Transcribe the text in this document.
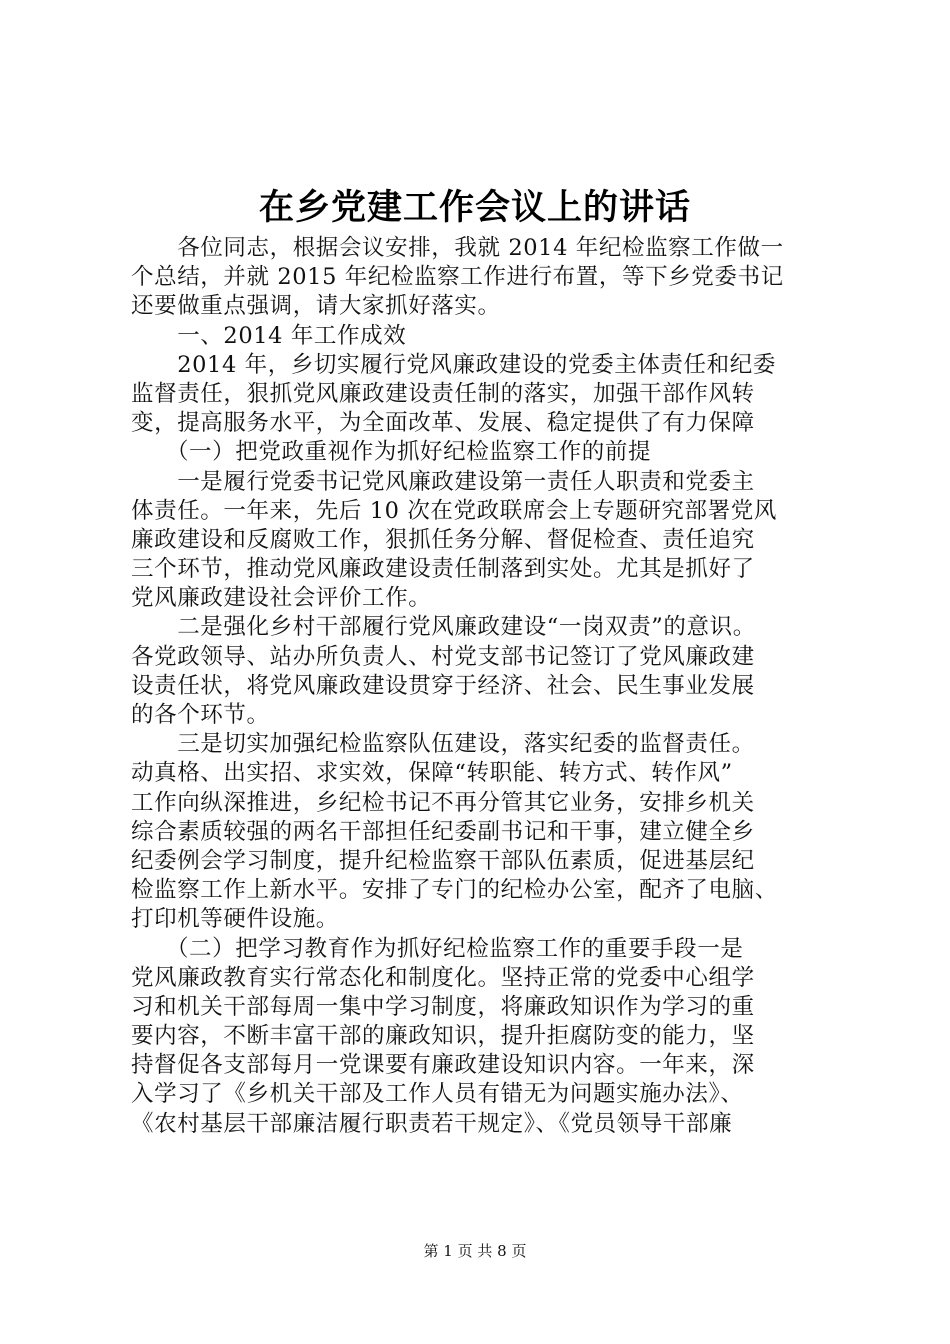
在乡党建工作会议上的讲话
　　各位同志，根据会议安排，我就 2014 年纪检监察工作做一
个总结，并就 2015 年纪检监察工作进行布置，等下乡党委书记
还要做重点强调，请大家抓好落实。
　　一、2014 年工作成效
　　2014 年，乡切实履行党风廉政建设的党委主体责任和纪委
监督责任，狠抓党风廉政建设责任制的落实，加强干部作风转
变，提高服务水平，为全面改革、发展、稳定提供了有力保障
　　（一）把党政重视作为抓好纪检监察工作的前提
　　一是履行党委书记党风廉政建设第一责任人职责和党委主
体责任。一年来，先后 10 次在党政联席会上专题研究部署党风
廉政建设和反腐败工作，狠抓任务分解、督促检查、责任追究
三个环节，推动党风廉政建设责任制落到实处。尤其是抓好了
党风廉政建设社会评价工作。
　　二是强化乡村干部履行党风廉政建设“一岗双责”的意识。
各党政领导、站办所负责人、村党支部书记签订了党风廉政建
设责任状，将党风廉政建设贯穿于经济、社会、民生事业发展
的各个环节。
　　三是切实加强纪检监察队伍建设，落实纪委的监督责任。
动真格、出实招、求实效，保障“转职能、转方式、转作风”
工作向纵深推进，乡纪检书记不再分管其它业务，安排乡机关
综合素质较强的两名干部担任纪委副书记和干事，建立健全乡
纪委例会学习制度，提升纪检监察干部队伍素质，促进基层纪
检监察工作上新水平。安排了专门的纪检办公室，配齐了电脑、
打印机等硬件设施。
　　（二）把学习教育作为抓好纪检监察工作的重要手段一是
党风廉政教育实行常态化和制度化。坚持正常的党委中心组学
习和机关干部每周一集中学习制度，将廉政知识作为学习的重
要内容，不断丰富干部的廉政知识，提升拒腐防变的能力，坚
持督促各支部每月一党课要有廉政建设知识内容。一年来，深
入学习了《乡机关干部及工作人员有错无为问题实施办法》、
《农村基层干部廉洁履行职责若干规定》、《党员领导干部廉
第 1 页 共 8 页
